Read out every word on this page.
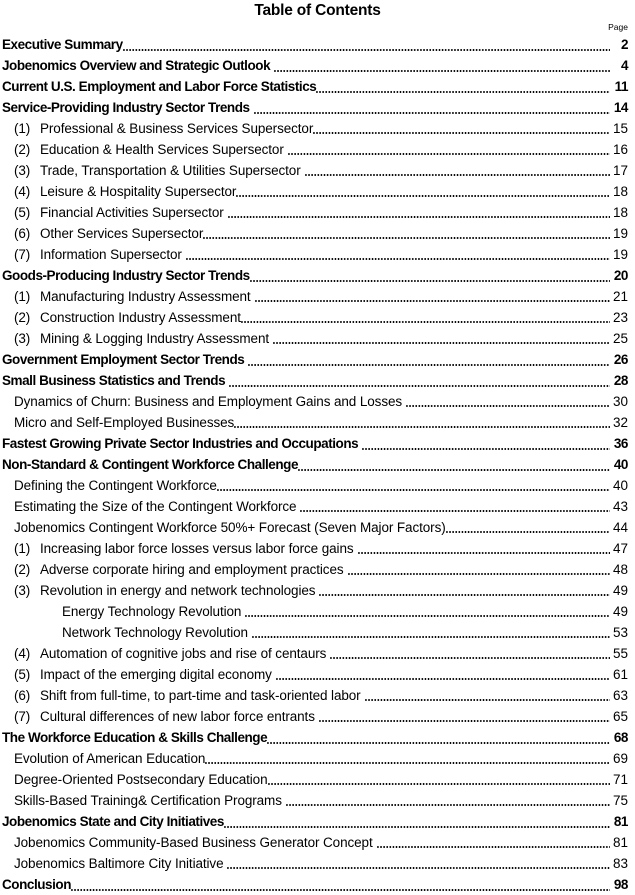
Table of Contents
Page
Executive Summary	2
Jobenomics Overview and Strategic Outlook	4
Current U.S. Employment and Labor Force Statistics	11
Service-Providing Industry Sector Trends	14
(1) Professional & Business Services Supersector	15
(2) Education & Health Services Supersector	16
(3) Trade, Transportation & Utilities Supersector	17
(4) Leisure & Hospitality Supersector	18
(5) Financial Activities Supersector	18
(6) Other Services Supersector	19
(7) Information Supersector	19
Goods-Producing Industry Sector Trends	20
(1) Manufacturing Industry Assessment	21
(2) Construction Industry Assessment	23
(3) Mining & Logging Industry Assessment	25
Government Employment Sector Trends	26
Small Business Statistics and Trends	28
Dynamics of Churn: Business and Employment Gains and Losses	30
Micro and Self-Employed Businesses	32
Fastest Growing Private Sector Industries and Occupations	36
Non-Standard & Contingent Workforce Challenge	40
Defining the Contingent Workforce	40
Estimating the Size of the Contingent Workforce	43
Jobenomics Contingent Workforce 50%+ Forecast (Seven Major Factors)	44
(1) Increasing labor force losses versus labor force gains	47
(2) Adverse corporate hiring and employment practices	48
(3) Revolution in energy and network technologies	49
Energy Technology Revolution	49
Network Technology Revolution	53
(4) Automation of cognitive jobs and rise of centaurs	55
(5) Impact of the emerging digital economy	61
(6) Shift from full-time, to part-time and task-oriented labor	63
(7) Cultural differences of new labor force entrants	65
The Workforce Education & Skills Challenge	68
Evolution of American Education	69
Degree-Oriented Postsecondary Education	71
Skills-Based Training& Certification Programs	75
Jobenomics State and City Initiatives	81
Jobenomics Community-Based Business Generator Concept	81
Jobenomics Baltimore City Initiative	83
Conclusion	98
